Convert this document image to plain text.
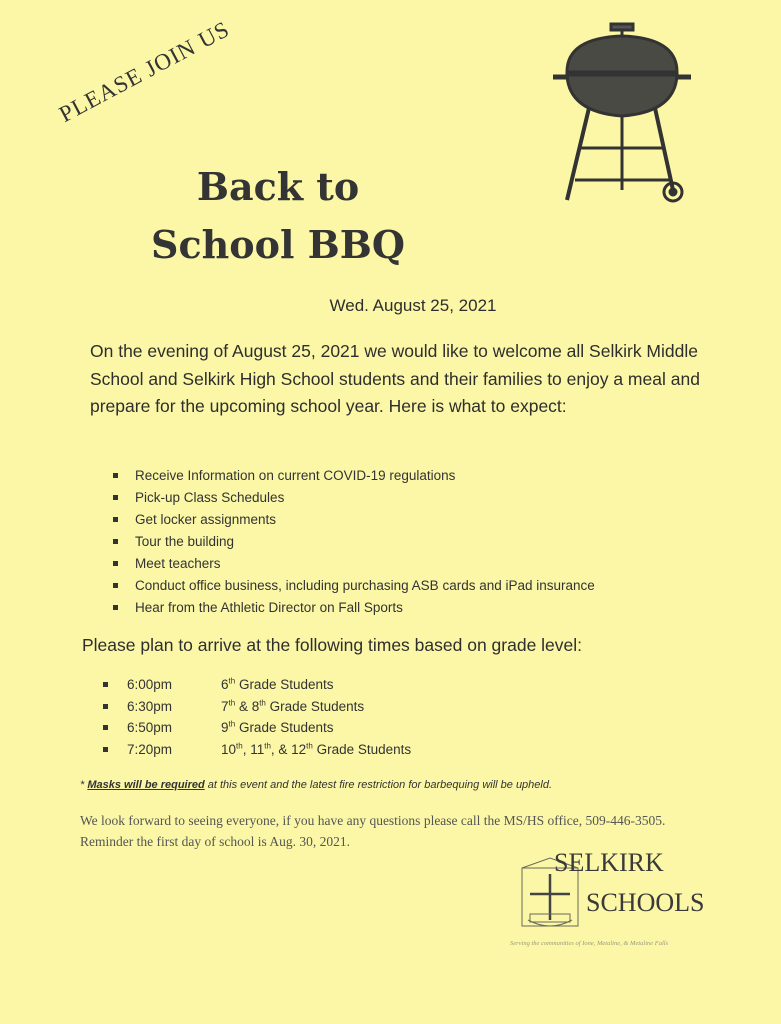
PLEASE JOIN US
Back to
School BBQ
Wed. August 25, 2021
On the evening of August 25, 2021 we would like to welcome all Selkirk Middle School and Selkirk High School students and their families to enjoy a meal and prepare for the upcoming school year. Here is what to expect:
Receive Information on current COVID-19 regulations
Pick-up Class Schedules
Get locker assignments
Tour the building
Meet teachers
Conduct office business, including purchasing ASB cards and iPad insurance
Hear from the Athletic Director on Fall Sports
Please plan to arrive at the following times based on grade level:
6:00pm	6th Grade Students
6:30pm	7th & 8th Grade Students
6:50pm	9th Grade Students
7:20pm	10th, 11th, & 12th Grade Students
* Masks will be required at this event and the latest fire restriction for barbequing will be upheld.
We look forward to seeing everyone, if you have any questions please call the MS/HS office, 509-446-3505. Reminder the first day of school is Aug. 30, 2021.
SELKIRK
SCHOOLS
Serving the communities of Ione, Metaline, & Metaline Falls
